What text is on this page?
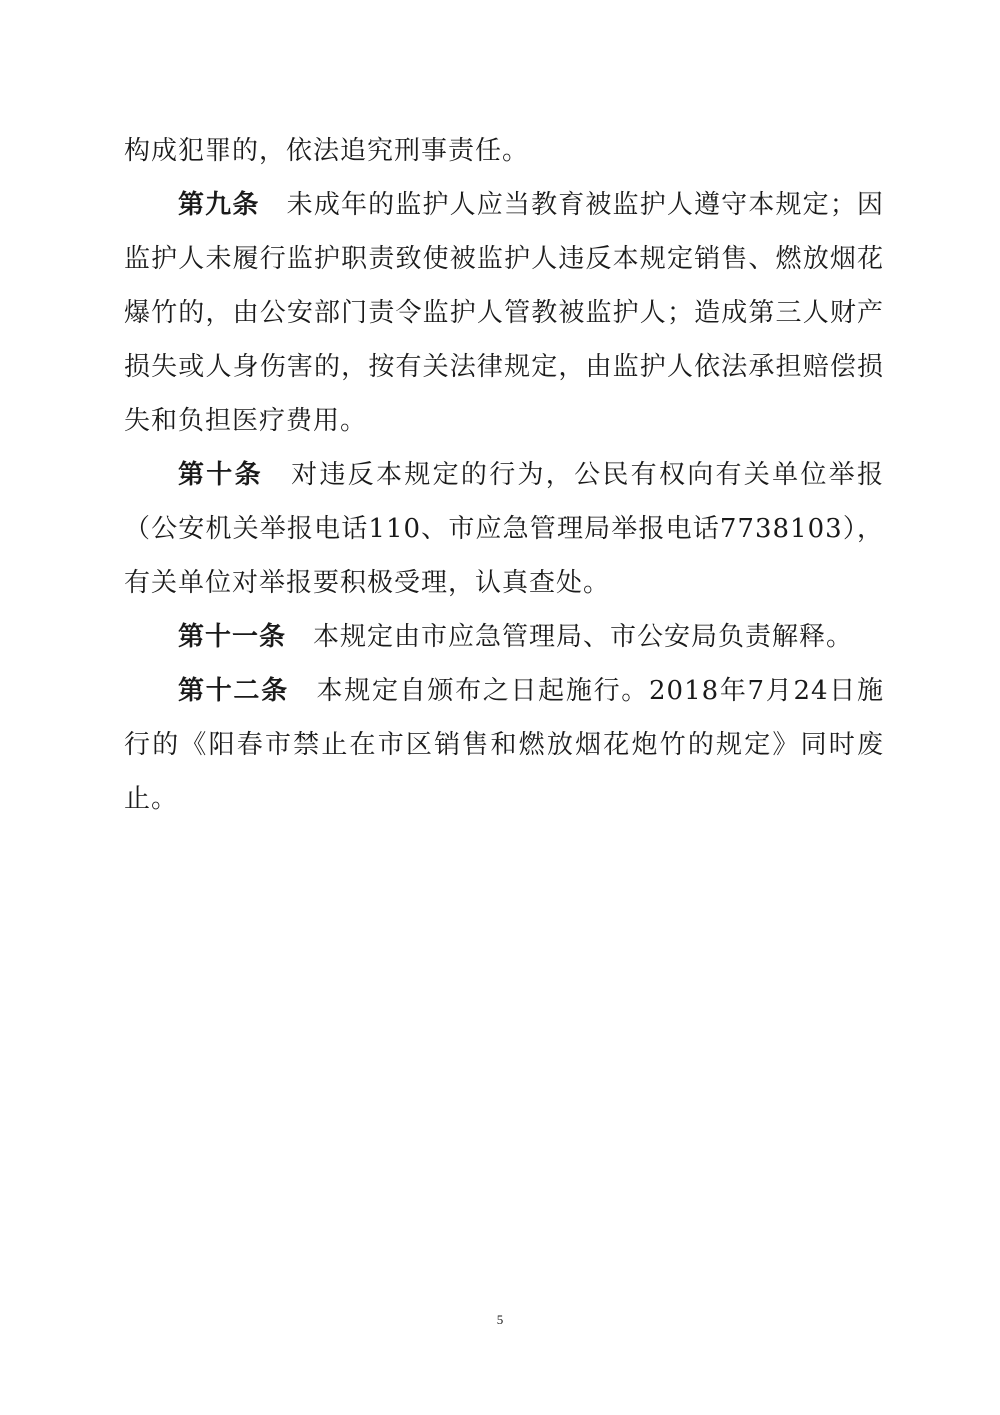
构成犯罪的，依法追究刑事责任。

第九条　 未成年的监护人应当教育被监护人遵守本规定；因监护人未履行监护职责致使被监护人违反本规定销售、燃放烟花爆竹的，由公安部门责令监护人管教被监护人；造成第三人财产损失或人身伤害的，按有关法律规定，由监护人依法承担赔偿损失和负担医疗费用。

第十条　 对违反本规定的行为，公民有权向有关单位举报（公安机关举报电话110、市应急管理局举报电话7738103），有关单位对举报要积极受理，认真查处。

第十一条　 本规定由市应急管理局、市公安局负责解释。

第十二条　 本规定自颁布之日起施行。2018年7月24日施行的《阳春市禁止在市区销售和燃放烟花炮竹的规定》同时废止。

5
